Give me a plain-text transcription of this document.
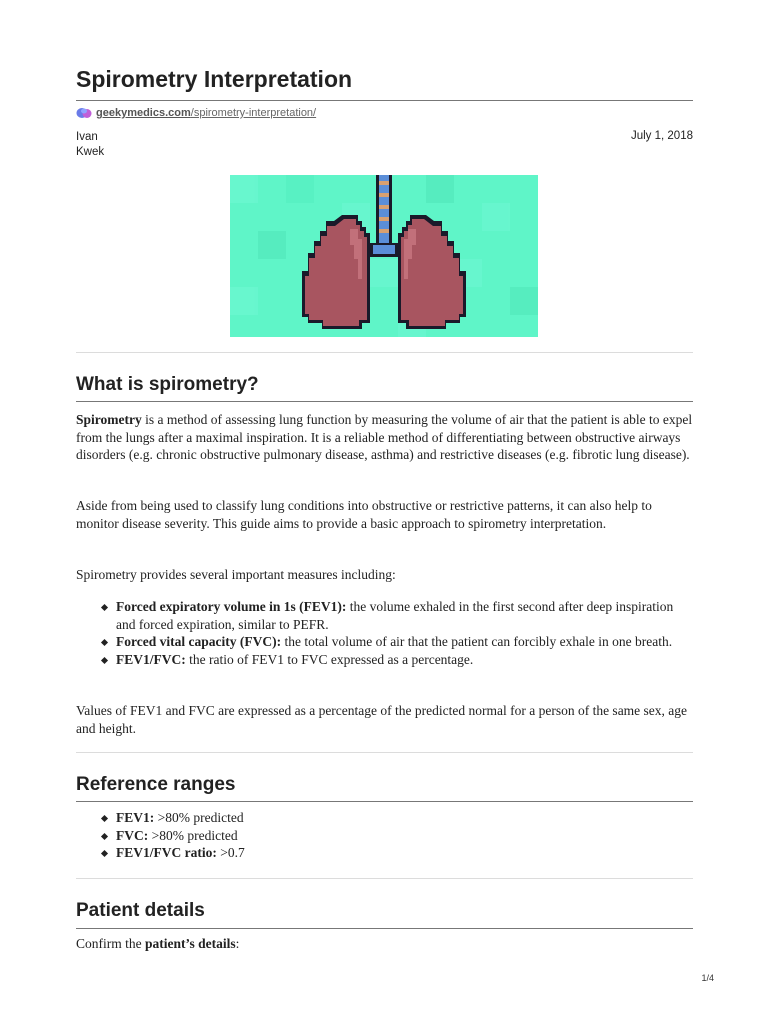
Spirometry Interpretation
geekymedics.com /spirometry-interpretation/
Ivan
Kwek
July 1, 2018
What is spirometry?

Spirometry is a method of assessing lung function by measuring the volume of air that the patient is able to expel from the lungs after a maximal inspiration. It is a reliable method of differentiating between obstructive airways disorders (e.g. chronic obstructive pulmonary disease, asthma) and restrictive diseases (e.g. fibrotic lung disease).

Aside from being used to classify lung conditions into obstructive or restrictive patterns, it can also help to monitor disease severity. This guide aims to provide a basic approach to spirometry interpretation.

Spirometry provides several important measures including:

Forced expiratory volume in 1s (FEV1): the volume exhaled in the first second after deep inspiration and forced expiration, similar to PEFR.
Forced vital capacity (FVC): the total volume of air that the patient can forcibly exhale in one breath.
FEV1/FVC: the ratio of FEV1 to FVC expressed as a percentage.

Values of FEV1 and FVC are expressed as a percentage of the predicted normal for a person of the same sex, age and height.

Reference ranges
FEV1: >80% predicted
FVC: >80% predicted
FEV1/FVC ratio: >0.7
Patient details

Confirm the patient’s details:

1/4
